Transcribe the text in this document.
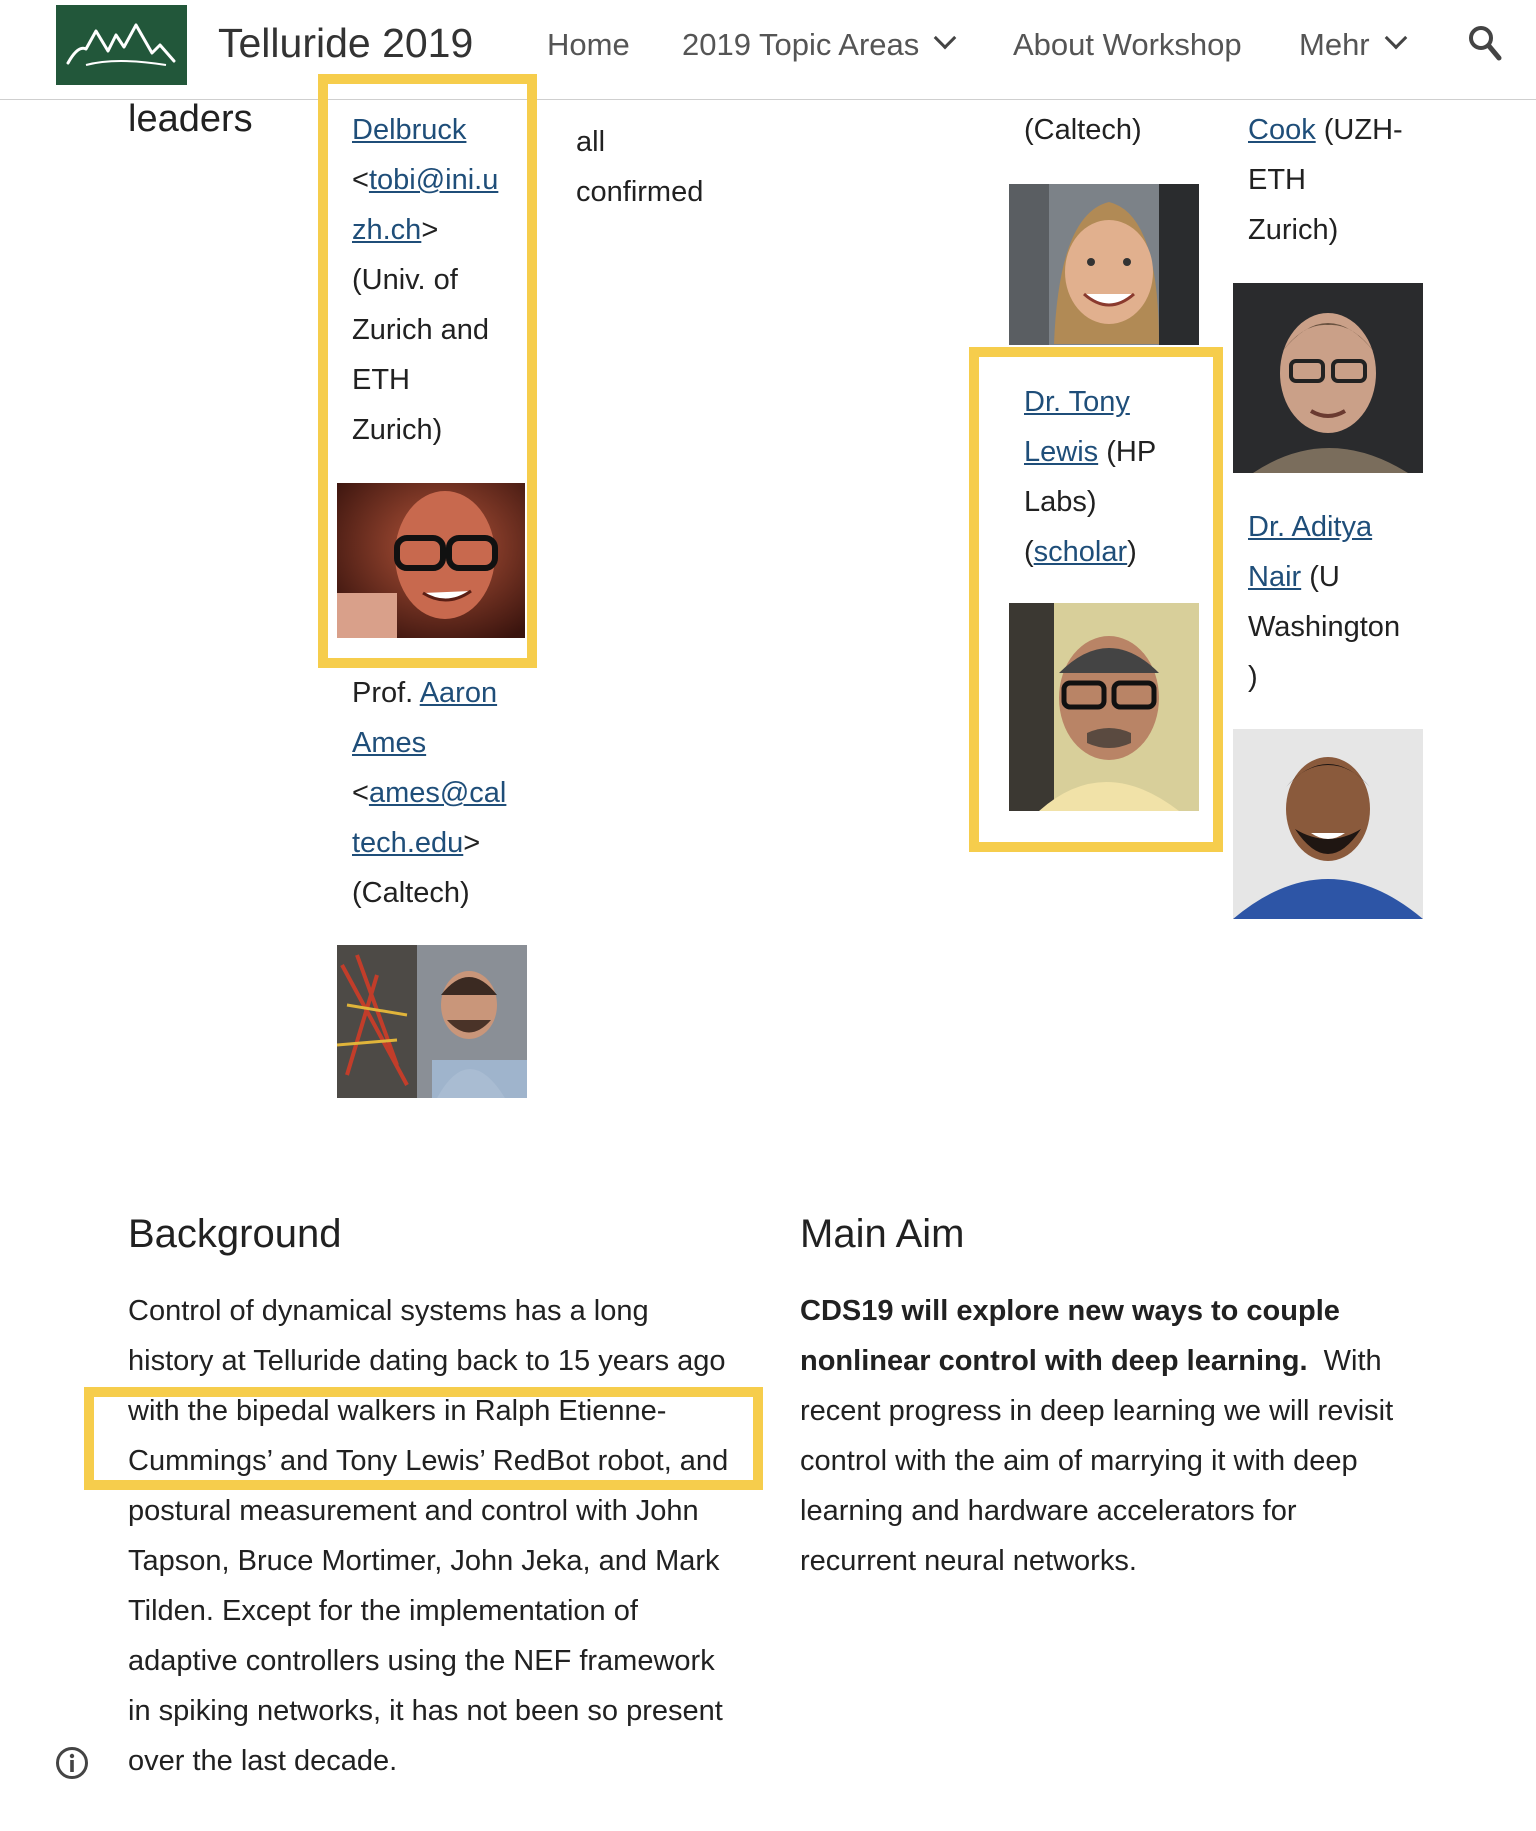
Telluride 2019 Home 2019 Topic Areas	About Workshop Mehr
leaders	Delbruck
<tobi@ini.u
zh.ch>
(Univ. of
Zurich and
ETH
Zurich)
Prof. Aaron
Ames
<ames@cal
tech.edu>
(Caltech)
all
confirmed
(Caltech)
Dr. Tony
Lewis (HP
Labs)
(scholar)
Cook (UZH-
ETH
Zurich)
Dr. Aditya
Nair (U
Washington
)
Background
Control of dynamical systems has a long
history at Telluride dating back to 15 years ago
with the bipedal walkers in Ralph Etienne-
Cummings’ and Tony Lewis’ RedBot robot, and
postural measurement and control with John
Tapson, Bruce Mortimer, John Jeka, and Mark
Tilden. Except for the implementation of
adaptive controllers using the NEF framework
in spiking networks, it has not been so present
over the last decade.
Main Aim
CDS19 will explore new ways to couple
nonlinear control with deep learning.  With
recent progress in deep learning we will revisit
control with the aim of marrying it with deep
learning and hardware accelerators for
recurrent neural networks.
